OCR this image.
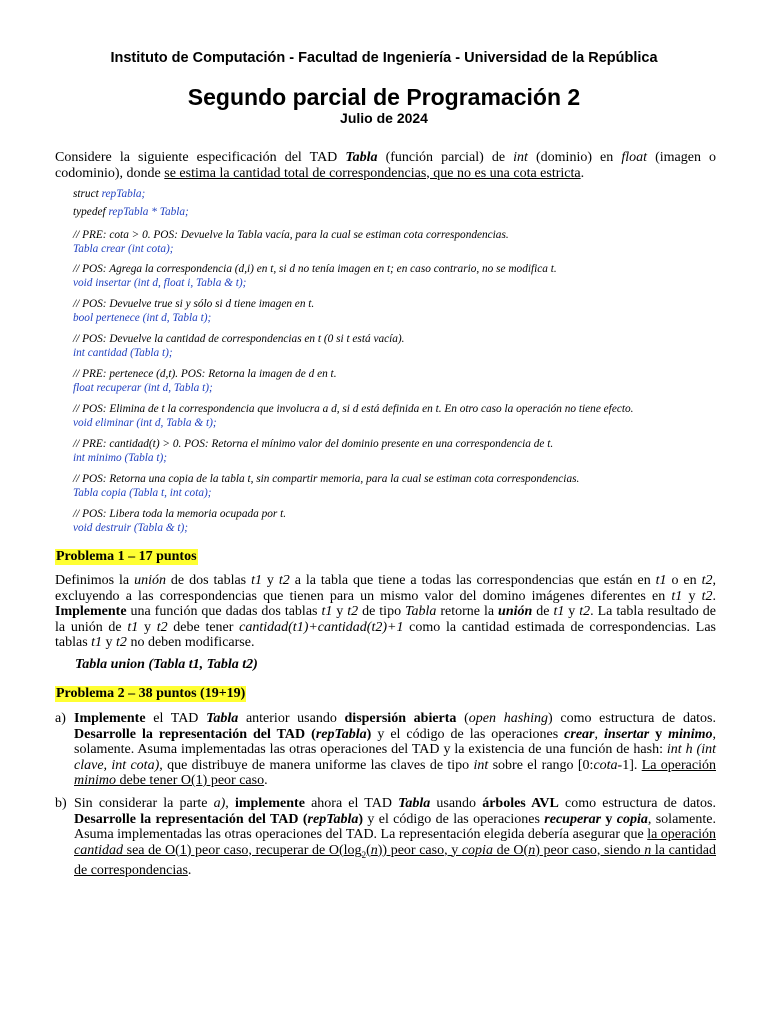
Instituto de Computación - Facultad de Ingeniería - Universidad de la República
Segundo parcial de Programación 2
Julio de 2024
Considere la siguiente especificación del TAD Tabla (función parcial) de int (dominio) en float (imagen o codominio), donde se estima la cantidad total de correspondencias, que no es una cota estricta.
struct repTabla;
typedef repTabla * Tabla;
// PRE: cota > 0. POS: Devuelve la Tabla vacía, para la cual se estiman cota correspondencias.
Tabla crear (int cota);
// POS: Agrega la correspondencia (d,i) en t, si d no tenía imagen en t; en caso contrario, no se modifica t.
void insertar (int d, float i, Tabla & t);
// POS: Devuelve true si y sólo si d tiene imagen en t.
bool pertenece (int d, Tabla t);
// POS: Devuelve la cantidad de correspondencias en t (0 si t está vacía).
int cantidad (Tabla t);
// PRE: pertenece (d,t). POS: Retorna la imagen de d en t.
float recuperar (int d, Tabla t);
// POS: Elimina de t la correspondencia que involucra a d, si d está definida en t. En otro caso la operación no tiene efecto.
void eliminar (int d, Tabla & t);
// PRE: cantidad(t) > 0. POS: Retorna el mínimo valor del dominio presente en una correspondencia de t.
int minimo (Tabla t);
// POS: Retorna una copia de la tabla t, sin compartir memoria, para la cual se estiman cota correspondencias.
Tabla copia (Tabla t, int cota);
// POS: Libera toda la memoria ocupada por t.
void destruir (Tabla & t);
Problema 1 – 17 puntos
Definimos la unión de dos tablas t1 y t2 a la tabla que tiene a todas las correspondencias que están en t1 o en t2, excluyendo a las correspondencias que tienen para un mismo valor del domino imágenes diferentes en t1 y t2. Implemente una función que dadas dos tablas t1 y t2 de tipo Tabla retorne la unión de t1 y t2. La tabla resultado de la unión de t1 y t2 debe tener cantidad(t1)+cantidad(t2)+1 como la cantidad estimada de correspondencias. Las tablas t1 y t2 no deben modificarse.
Tabla union (Tabla t1, Tabla t2)
Problema 2 – 38 puntos (19+19)
a) Implemente el TAD Tabla anterior usando dispersión abierta (open hashing) como estructura de datos. Desarrolle la representación del TAD (repTabla) y el código de las operaciones crear, insertar y minimo, solamente. Asuma implementadas las otras operaciones del TAD y la existencia de una función de hash: int h (int clave, int cota), que distribuye de manera uniforme las claves de tipo int sobre el rango [0:cota-1]. La operación minimo debe tener O(1) peor caso.
b) Sin considerar la parte a), implemente ahora el TAD Tabla usando árboles AVL como estructura de datos. Desarrolle la representación del TAD (repTabla) y el código de las operaciones recuperar y copia, solamente. Asuma implementadas las otras operaciones del TAD. La representación elegida debería asegurar que la operación cantidad sea de O(1) peor caso, recuperar de $O(\log_2(n))$ peor caso, y copia de O(n) peor caso, siendo n la cantidad de correspondencias.
